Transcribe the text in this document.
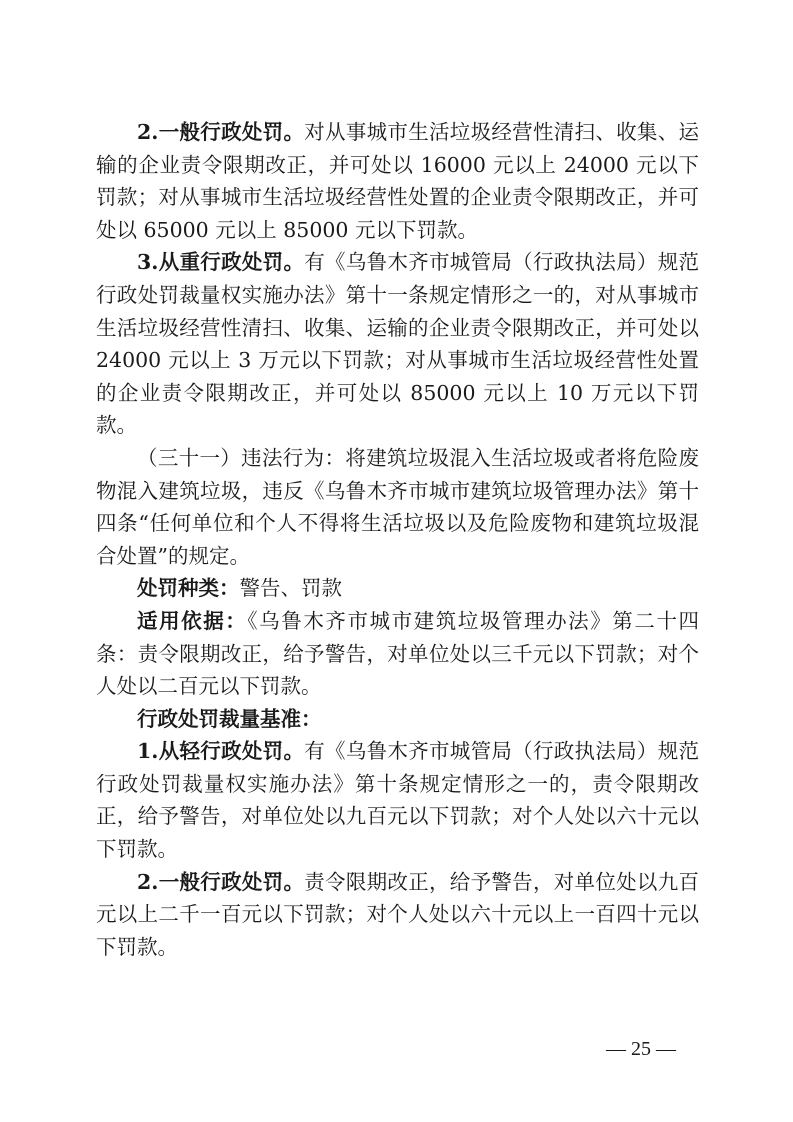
2.一般行政处罚。对从事城市生活垃圾经营性清扫、收集、运输的企业责令限期改正，并可处以 16000 元以上 24000 元以下罚款；对从事城市生活垃圾经营性处置的企业责令限期改正，并可处以 65000 元以上 85000 元以下罚款。

3.从重行政处罚。有《乌鲁木齐市城管局（行政执法局）规范行政处罚裁量权实施办法》第十一条规定情形之一的，对从事城市生活垃圾经营性清扫、收集、运输的企业责令限期改正，并可处以 24000 元以上 3 万元以下罚款；对从事城市生活垃圾经营性处置的企业责令限期改正，并可处以 85000 元以上 10 万元以下罚款。

（三十一）违法行为：将建筑垃圾混入生活垃圾或者将危险废物混入建筑垃圾，违反《乌鲁木齐市城市建筑垃圾管理办法》第十四条“任何单位和个人不得将生活垃圾以及危险废物和建筑垃圾混合处置”的规定。

处罚种类：警告、罚款

适用依据：《乌鲁木齐市城市建筑垃圾管理办法》第二十四条：责令限期改正，给予警告，对单位处以三千元以下罚款；对个人处以二百元以下罚款。

行政处罚裁量基准：

1.从轻行政处罚。有《乌鲁木齐市城管局（行政执法局）规范行政处罚裁量权实施办法》第十条规定情形之一的，责令限期改正，给予警告，对单位处以九百元以下罚款；对个人处以六十元以下罚款。

2.一般行政处罚。责令限期改正，给予警告，对单位处以九百元以上二千一百元以下罚款；对个人处以六十元以上一百四十元以下罚款。

— 25 —
